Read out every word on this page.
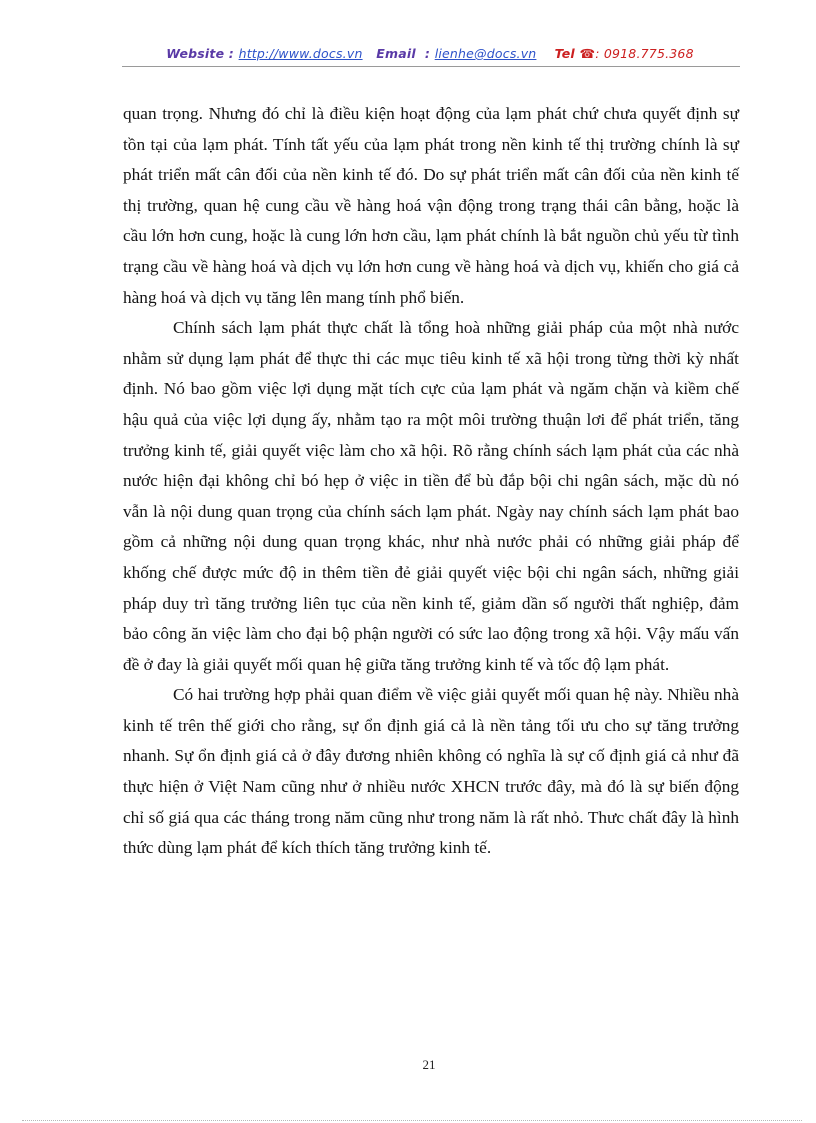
Website : http://www.docs.vn Email : lienhe@docs.vn Tel ☎: 0918.775.368

quan trọng. Nhưng đó chỉ là điều kiện hoạt động của lạm phát chứ chưa quyết định sự tồn tại của lạm phát. Tính tất yếu của lạm phát trong nền kinh tế thị trường chính là sự phát triển mất cân đối của nền kinh tế đó. Do sự phát triển mất cân đối của nền kinh tế thị trường, quan hệ cung cầu về hàng hoá vận động trong trạng thái cân bằng, hoặc là cầu lớn hơn cung, hoặc là cung lớn hơn cầu, lạm phát chính là bắt nguồn chủ yếu từ tình trạng cầu về hàng hoá và dịch vụ lớn hơn cung về hàng hoá và dịch vụ, khiến cho giá cả hàng hoá và dịch vụ tăng lên mang tính phổ biến.

Chính sách lạm phát thực chất là tổng hoà những giải pháp của một nhà nước nhằm sử dụng lạm phát để thực thi các mục tiêu kinh tế xã hội trong từng thời kỳ nhất định. Nó bao gồm việc lợi dụng mặt tích cực của lạm phát và ngăm chặn và kiềm chế hậu quả của việc lợi dụng ấy, nhằm tạo ra một môi trường thuận lơi để phát triển, tăng trưởng kinh tế, giải quyết việc làm cho xã hội. Rõ rằng chính sách lạm phát của các nhà nước hiện đại không chỉ bó hẹp ở việc in tiền để bù đắp bội chi ngân sách, mặc dù nó vẫn là nội dung quan trọng của chính sách lạm phát. Ngày nay chính sách lạm phát bao gồm cả những nội dung quan trọng khác, như nhà nước phải có những giải pháp để khống chế được mức độ in thêm tiền đẻ giải quyết việc bội chi ngân sách, những giải pháp duy trì tăng trưởng liên tục của nền kinh tế, giảm dần số người thất nghiệp, đảm bảo công ăn việc làm cho đại bộ phận người có sức lao động trong xã hội. Vậy mấu vấn đề ở đay là giải quyết mối quan hệ giữa tăng trưởng kinh tế và tốc độ lạm phát.

Có hai trường hợp phải quan điểm về việc giải quyết mối quan hệ này. Nhiều nhà kinh tế trên thế giới cho rằng, sự ổn định giá cả là nền tảng tối ưu cho sự tăng trưởng nhanh. Sự ổn định giá cả ở đây đương nhiên không có nghĩa là sự cố định giá cả như đã thực hiện ở Việt Nam cũng như ở nhiều nước XHCN trước đây, mà đó là sự biến động chỉ số giá qua các tháng trong năm cũng như trong năm là rất nhỏ. Thưc chất đây là hình thức dùng lạm phát để kích thích tăng trưởng kinh tế.

21
